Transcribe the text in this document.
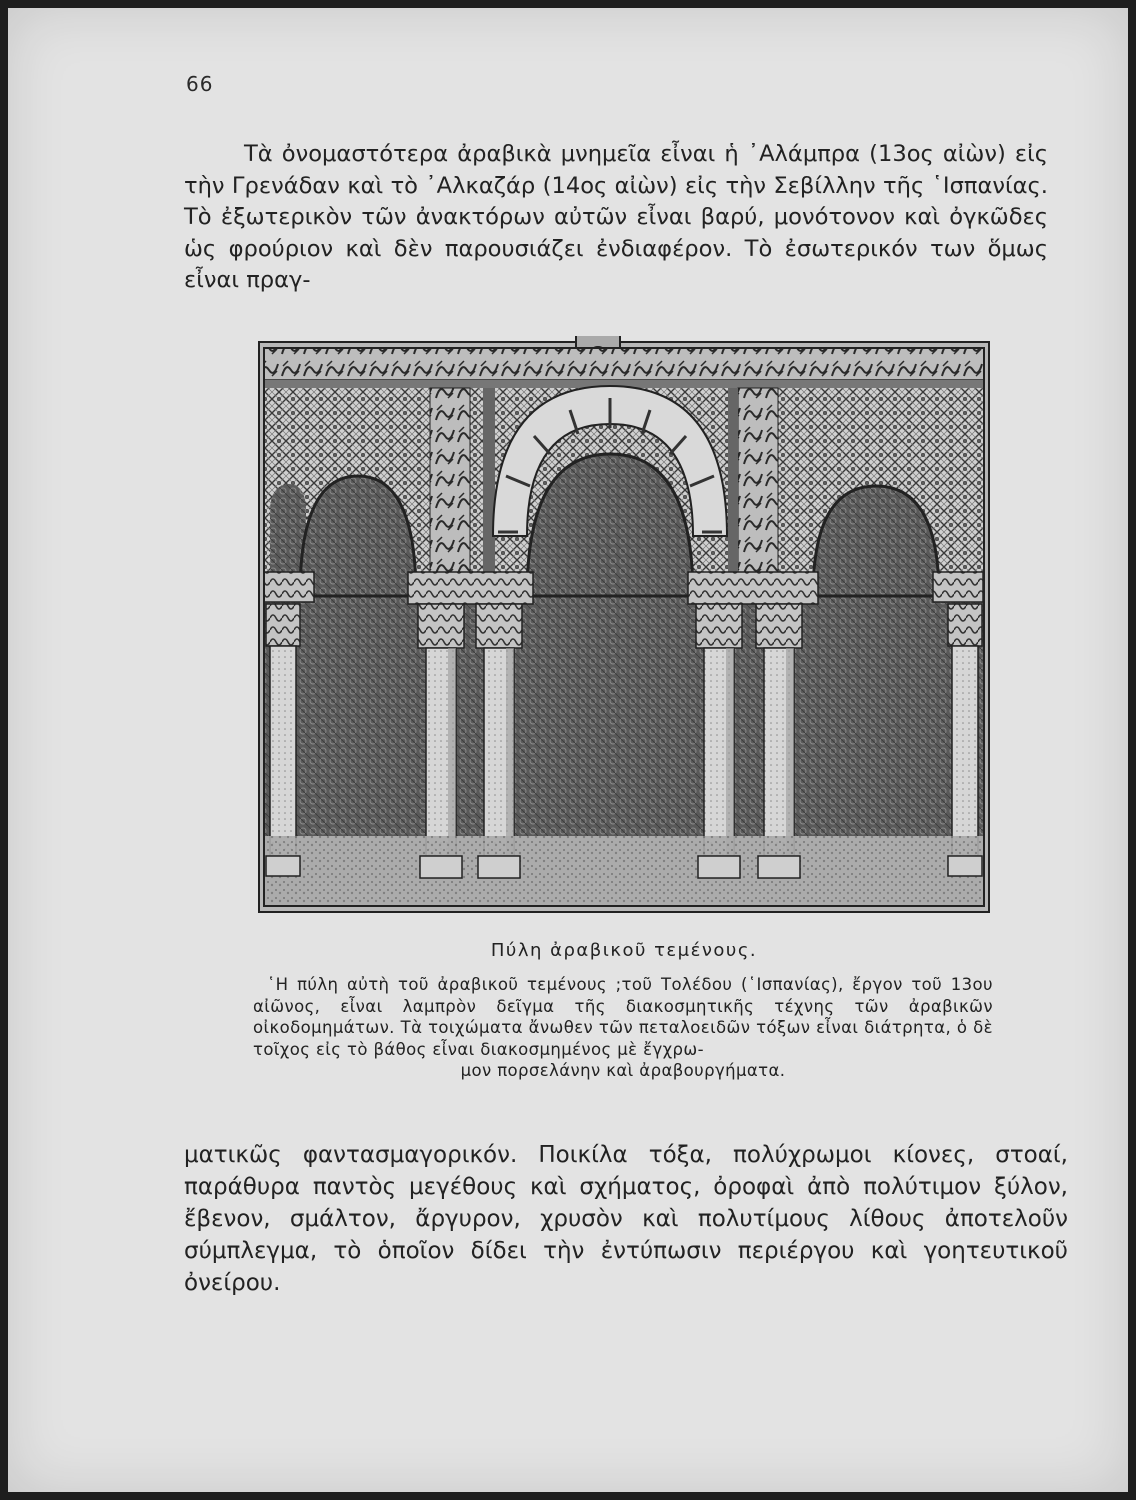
66

Τὰ ὀνομαστότερα ἀραβικὰ μνημεῖα εἶναι ἡ ᾿Αλάμπρα (13ος αἰὼν) εἰς τὴν Γρενάδαν καὶ τὸ ᾿Αλκαζάρ (14ος αἰὼν) εἰς τὴν Σεβίλλην τῆς ῾Ισπανίας. Τὸ ἐξωτερικὸν τῶν ἀνακτόρων αὐτῶν εἶναι βαρύ, μονότονον καὶ ὀγκῶδες ὡς φρούριον καὶ δὲν παρουσιάζει ἐνδιαφέρον. Τὸ ἐσωτερικόν των ὅμως εἶναι πραγ-

Πύλη ἀραβικοῦ τεμένους.
῾Η πύλη αὐτὴ τοῦ ἀραβικοῦ τεμένους ;τοῦ Τολέδου (῾Ισπανίας), ἔργον τοῦ 13ου αἰῶνος, εἶναι λαμπρὸν δεῖγμα τῆς διακοσμητικῆς τέχνης τῶν ἀραβικῶν οἰκοδομημάτων. Τὰ τοιχώματα ἄνωθεν τῶν πεταλοειδῶν τόξων εἶναι διάτρητα, ὁ δὲ τοῖχος εἰς τὸ βάθος εἶναι διακοσμημένος μὲ ἔγχρω-
μον πορσελάνην καὶ ἀραβουργήματα.

ματικῶς φαντασμαγορικόν. Ποικίλα τόξα, πολύχρωμοι κίονες, στοαί, παράθυρα παντὸς μεγέθους καὶ σχήματος, ὀροφαὶ ἀπὸ πολύτιμον ξύλον, ἔβενον, σμάλτον, ἄργυρον, χρυσὸν καὶ πολυτίμους λίθους ἀποτελοῦν σύμπλεγμα, τὸ ὁποῖον δίδει τὴν ἐντύπωσιν περιέργου καὶ γοητευτικοῦ ὀνείρου.
